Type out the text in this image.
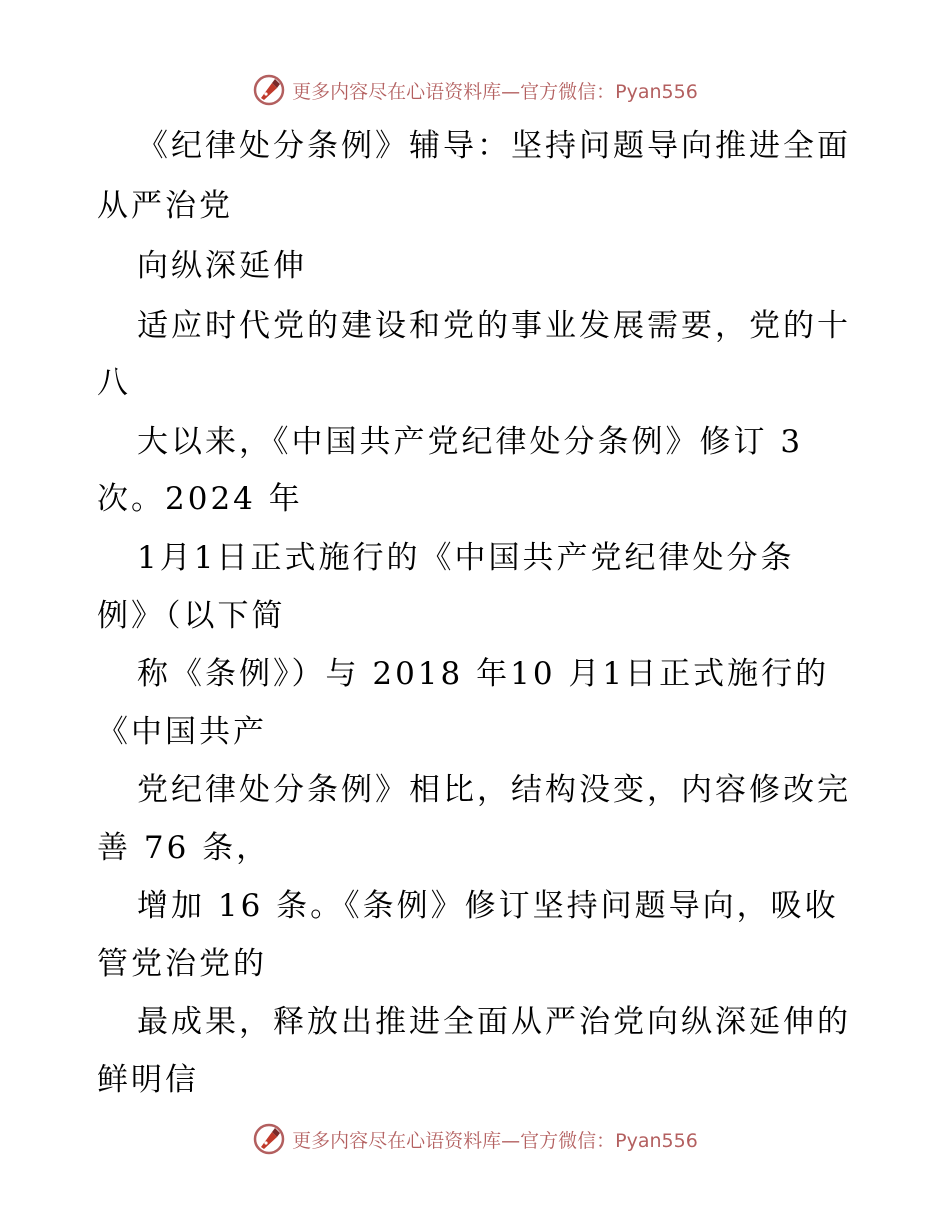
更多内容尽在心语资料库—官方微信：Pyan556
《纪律处分条例》辅导：坚持问题导向推进全面
从严治党
向纵深延伸
适应时代党的建设和党的事业发展需要，党的十
八
大以来，《中国共产党纪律处分条例》修订 3
次。2024 年
1月1日正式施行的《中国共产党纪律处分条
例》（以下简
称《条例》）与 2018 年10 月1日正式施行的
《中国共产
党纪律处分条例》相比，结构没变，内容修改完
善 76 条，
增加 16 条。《条例》修订坚持问题导向，吸收
管党治党的
最成果，释放出推进全面从严治党向纵深延伸的
鲜明信
更多内容尽在心语资料库—官方微信：Pyan556
